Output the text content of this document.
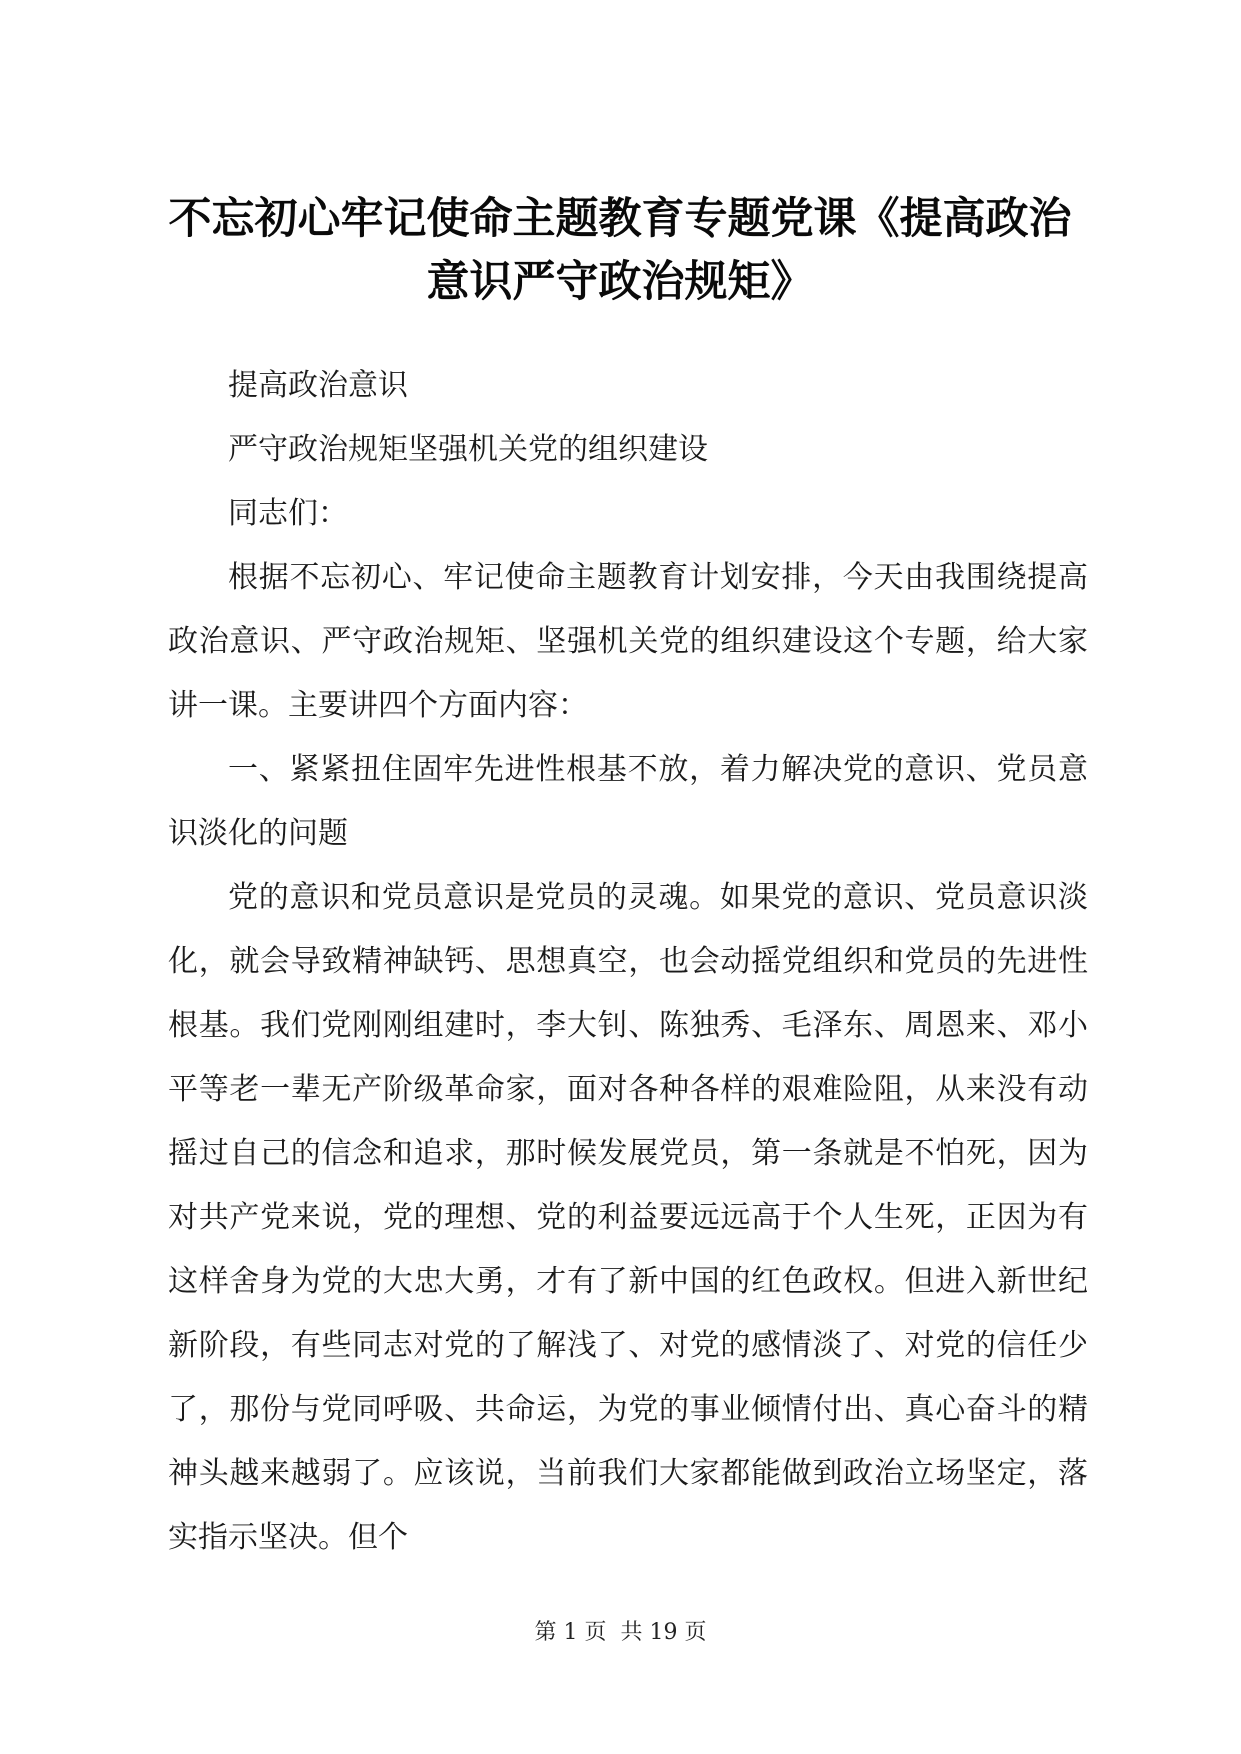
不忘初心牢记使命主题教育专题党课《提高政治意识严守政治规矩》

提高政治意识

严守政治规矩坚强机关党的组织建设

同志们：

根据不忘初心、牢记使命主题教育计划安排，今天由我围绕提高政治意识、严守政治规矩、坚强机关党的组织建设这个专题，给大家讲一课。主要讲四个方面内容：

一、紧紧扭住固牢先进性根基不放，着力解决党的意识、党员意识淡化的问题

党的意识和党员意识是党员的灵魂。如果党的意识、党员意识淡化，就会导致精神缺钙、思想真空，也会动摇党组织和党员的先进性根基。我们党刚刚组建时，李大钊、陈独秀、毛泽东、周恩来、邓小平等老一辈无产阶级革命家，面对各种各样的艰难险阻，从来没有动摇过自己的信念和追求，那时候发展党员，第一条就是不怕死，因为对共产党来说，党的理想、党的利益要远远高于个人生死，正因为有这样舍身为党的大忠大勇，才有了新中国的红色政权。但进入新世纪新阶段，有些同志对党的了解浅了、对党的感情淡了、对党的信任少了，那份与党同呼吸、共命运，为党的事业倾情付出、真心奋斗的精神头越来越弱了。应该说，当前我们大家都能做到政治立场坚定，落实指示坚决。但个

第 1 页  共 19 页
